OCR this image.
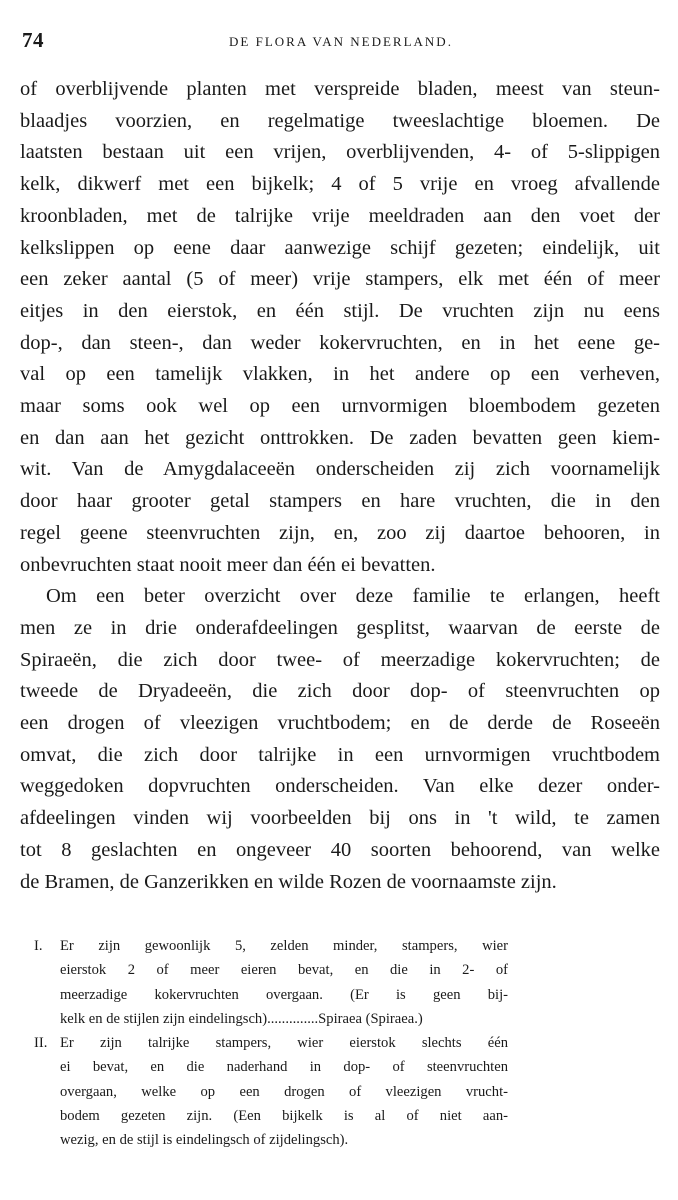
74	DE FLORA VAN NEDERLAND.

of overblijvende planten met verspreide bladen, meest van steun-
blaadjes voorzien, en regelmatige tweeslachtige bloemen. De
laatsten bestaan uit een vrijen, overblijvenden, 4- of 5-slippigen
kelk, dikwerf met een bijkelk; 4 of 5 vrije en vroeg afvallende
kroonbladen, met de talrijke vrije meeldraden aan den voet der
kelkslippen op eene daar aanwezige schijf gezeten; eindelijk, uit
een zeker aantal (5 of meer) vrije stampers, elk met één of meer
eitjes in den eierstok, en één stijl. De vruchten zijn nu eens
dop-, dan steen-, dan weder kokervruchten, en in het eene ge-
val op een tamelijk vlakken, in het andere op een verheven,
maar soms ook wel op een urnvormigen bloembodem gezeten
en dan aan het gezicht onttrokken. De zaden bevatten geen kiem-
wit. Van de Amygdalaceeën onderscheiden zij zich voornamelijk
door haar grooter getal stampers en hare vruchten, die in den
regel geene steenvruchten zijn, en, zoo zij daartoe behooren, in
onbevruchten staat nooit meer dan één ei bevatten.

Om een beter overzicht over deze familie te erlangen, heeft
men ze in drie onderafdeelingen gesplitst, waarvan de eerste de
Spiraeën, die zich door twee- of meerzadige kokervruchten; de
tweede de Dryadeeën, die zich door dop- of steenvruchten op
een drogen of vleezigen vruchtbodem; en de derde de Roseeën
omvat, die zich door talrijke in een urnvormigen vruchtbodem
weggedoken dopvruchten onderscheiden. Van elke dezer onder-
afdeelingen vinden wij voorbeelden bij ons in 't wild, te zamen
tot 8 geslachten en ongeveer 40 soorten behoorend, van welke
de Bramen, de Ganzerikken en wilde Rozen de voornaamste zijn.

I. Er zijn gewoonlijk 5, zelden minder, stampers, wier
eierstok 2 of meer eieren bevat, en die in 2- of
meerzadige kokervruchten overgaan. (Er is geen bij-
kelk en de stijlen zijn eindelingsch)..............Spiraea (Spiraea.)
II. Er zijn talrijke stampers, wier eierstok slechts één
ei bevat, en die naderhand in dop- of steenvruchten
overgaan, welke op een drogen of vleezigen vrucht-
bodem gezeten zijn. (Een bijkelk is al of niet aan-
wezig, en de stijl is eindelingsch of zijdelingsch).
